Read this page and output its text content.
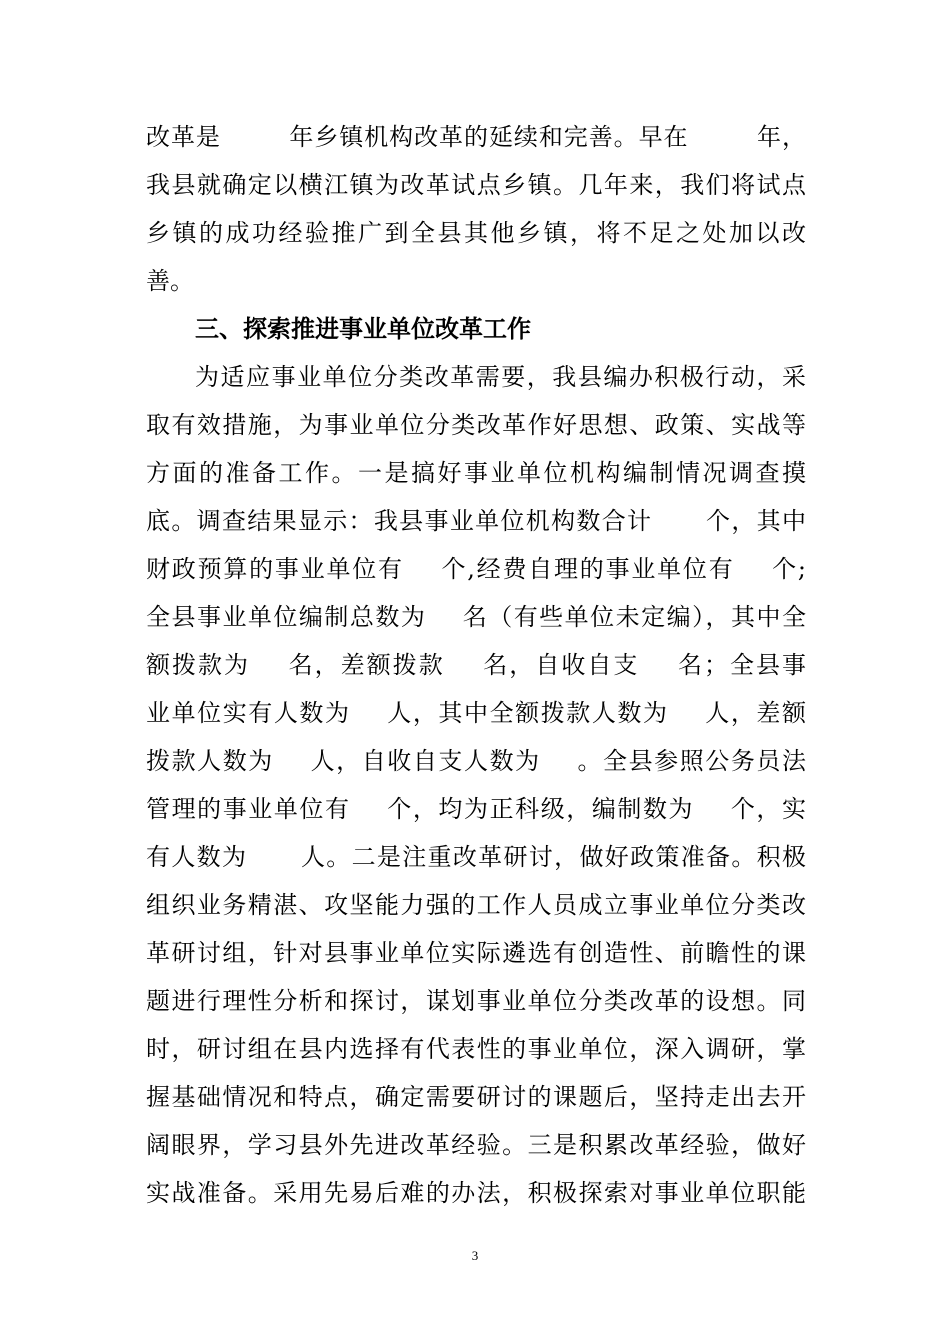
改革是        年乡镇机构改革的延续和完善。早在        年，
我县就确定以横江镇为改革试点乡镇。几年来，我们将试点
乡镇的成功经验推广到全县其他乡镇，将不足之处加以改
善。
三、探索推进事业单位改革工作
为适应事业单位分类改革需要，我县编办积极行动，采
取有效措施，为事业单位分类改革作好思想、政策、实战等
方面的准备工作。一是搞好事业单位机构编制情况调查摸
底。调查结果显示：我县事业单位机构数合计      个，其中
财政预算的事业单位有    个,经费自理的事业单位有    个;
全县事业单位编制总数为    名（有些单位未定编），其中全
额拨款为    名，差额拨款    名，自收自支    名；全县事
业单位实有人数为    人，其中全额拨款人数为    人，差额
拨款人数为    人，自收自支人数为    。全县参照公务员法
管理的事业单位有    个，均为正科级，编制数为    个，实
有人数为      人。二是注重改革研讨，做好政策准备。积极
组织业务精湛、攻坚能力强的工作人员成立事业单位分类改
革研讨组，针对县事业单位实际遴选有创造性、前瞻性的课
题进行理性分析和探讨，谋划事业单位分类改革的设想。同
时，研讨组在县内选择有代表性的事业单位，深入调研，掌
握基础情况和特点，确定需要研讨的课题后，坚持走出去开
阔眼界，学习县外先进改革经验。三是积累改革经验，做好
实战准备。采用先易后难的办法，积极探索对事业单位职能
3
